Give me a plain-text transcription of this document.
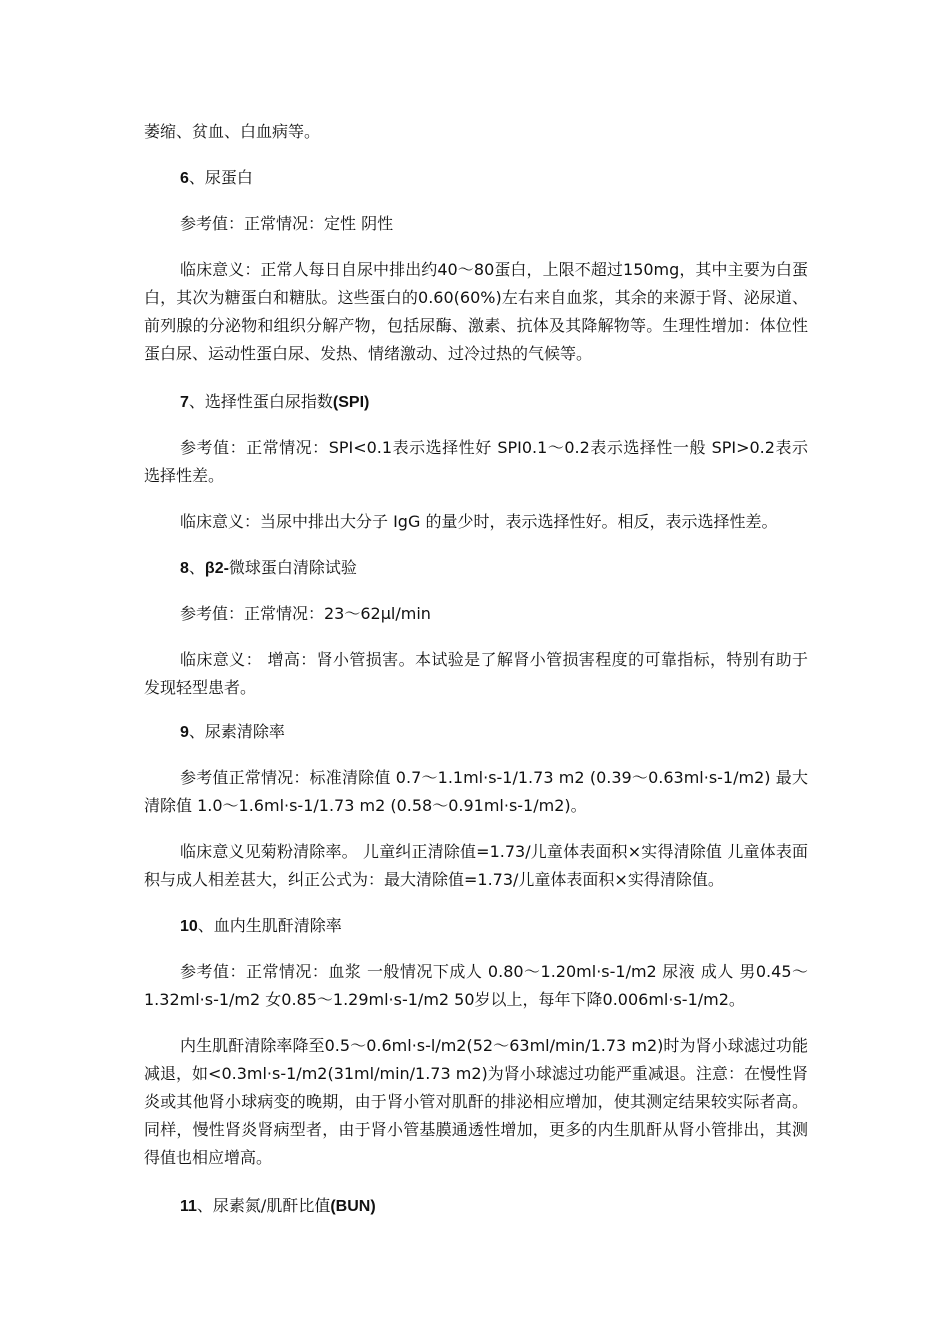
萎缩、贫血、白血病等。

6、尿蛋白

参考值：正常情况：定性 阴性

临床意义：正常人每日自尿中排出约40～80蛋白，上限不超过150mg，其中主要为白蛋白，其次为糖蛋白和糖肽。这些蛋白的0.60(60%)左右来自血浆，其余的来源于肾、泌尿道、前列腺的分泌物和组织分解产物，包括尿酶、激素、抗体及其降解物等。生理性增加：体位性蛋白尿、运动性蛋白尿、发热、情绪激动、过冷过热的气候等。

7、选择性蛋白尿指数(SPI)

参考值：正常情况：SPI<0.1表示选择性好 SPI0.1～0.2表示选择性一般 SPI>0.2表示选择性差。

临床意义：当尿中排出大分子 IgG 的量少时，表示选择性好。相反，表示选择性差。

8、β2-微球蛋白清除试验

参考值：正常情况：23～62μl/min

临床意义： 增高：肾小管损害。本试验是了解肾小管损害程度的可靠指标，特别有助于发现轻型患者。

9、尿素清除率

参考值正常情况：标准清除值 0.7～1.1ml·s-1/1.73 m2 (0.39～0.63ml·s-1/m2) 最大清除值 1.0～1.6ml·s-1/1.73 m2 (0.58～0.91ml·s-1/m2)。

临床意义见菊粉清除率。 儿童纠正清除值=1.73/儿童体表面积×实得清除值 儿童体表面积与成人相差甚大，纠正公式为：最大清除值=1.73/儿童体表面积×实得清除值。

10、血内生肌酐清除率

参考值：正常情况：血浆 一般情况下成人 0.80～1.20ml·s-1/m2 尿液 成人 男0.45～1.32ml·s-1/m2 女0.85～1.29ml·s-1/m2 50岁以上，每年下降0.006ml·s-1/m2。

内生肌酐清除率降至0.5～0.6ml·s-l/m2(52～63ml/min/1.73 m2)时为肾小球滤过功能减退，如<0.3ml·s-1/m2(31ml/min/1.73 m2)为肾小球滤过功能严重减退。注意：在慢性肾炎或其他肾小球病变的晚期，由于肾小管对肌酐的排泌相应增加，使其测定结果较实际者高。同样，慢性肾炎肾病型者，由于肾小管基膜通透性增加，更多的内生肌酐从肾小管排出，其测得值也相应增高。

11、尿素氮/肌酐比值(BUN)
